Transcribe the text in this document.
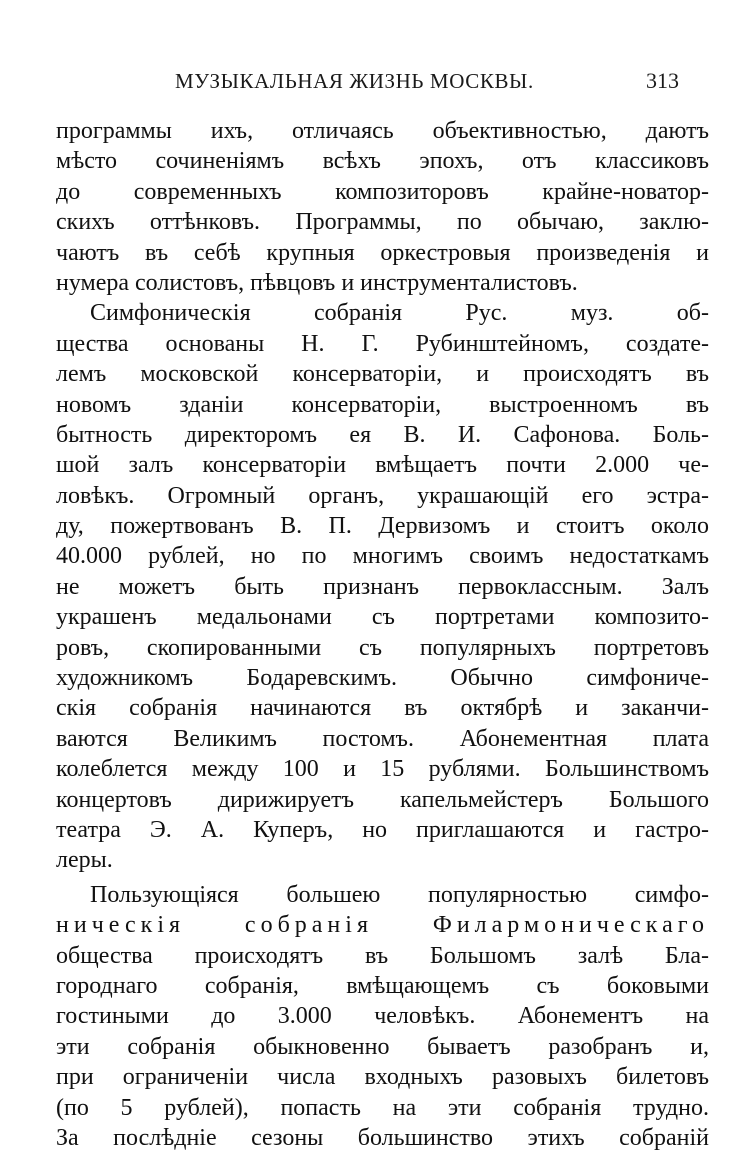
МУЗЫКАЛЬНАЯ ЖИЗНЬ МОСКВЫ.	313
программы ихъ, отличаясь объективностью, даютъ
мѣсто сочиненіямъ всѣхъ эпохъ, отъ классиковъ
до современныхъ композиторовъ крайне-новатор-
скихъ оттѣнковъ. Программы, по обычаю, заклю-
чаютъ въ себѣ крупныя оркестровыя произведенія и
нумера солистовъ, пѣвцовъ и инструменталистовъ.
Симфоническія собранія Рус. муз. об-
щества основаны Н. Г. Рубинштейномъ, создате-
лемъ московской консерваторіи, и происходятъ въ
новомъ зданіи консерваторіи, выстроенномъ въ
бытность директоромъ ея В. И. Сафонова. Боль-
шой залъ консерваторіи вмѣщаетъ почти 2.000 че-
ловѣкъ. Огромный органъ, украшающій его эстра-
ду, пожертвованъ В. П. Дервизомъ и стоитъ около
40.000 рублей, но по многимъ своимъ недостаткамъ
не можетъ быть признанъ первоклассным. Залъ
украшенъ медальонами съ портретами композито-
ровъ, скопированными съ популярныхъ портретовъ
художникомъ Бодаревскимъ. Обычно симфониче-
скія собранія начинаются въ октябрѣ и заканчи-
ваются Великимъ постомъ. Абонементная плата
колеблется между 100 и 15 рублями. Большинствомъ
концертовъ дирижируетъ капельмейстеръ Большого
театра Э. А. Куперъ, но приглашаются и гастро-
леры.
Пользующіяся большею популярностью симфо-
ническія собранія Филармоническаго
общества происходятъ въ Большомъ залѣ Бла-
городнаго собранія, вмѣщающемъ съ боковыми
гостиными до 3.000 человѣкъ. Абонементъ на
эти собранія обыкновенно бываетъ разобранъ и,
при ограниченіи числа входныхъ разовыхъ билетовъ
(по 5 рублей), попасть на эти собранія трудно.
За послѣдніе сезоны большинство этихъ собраній
